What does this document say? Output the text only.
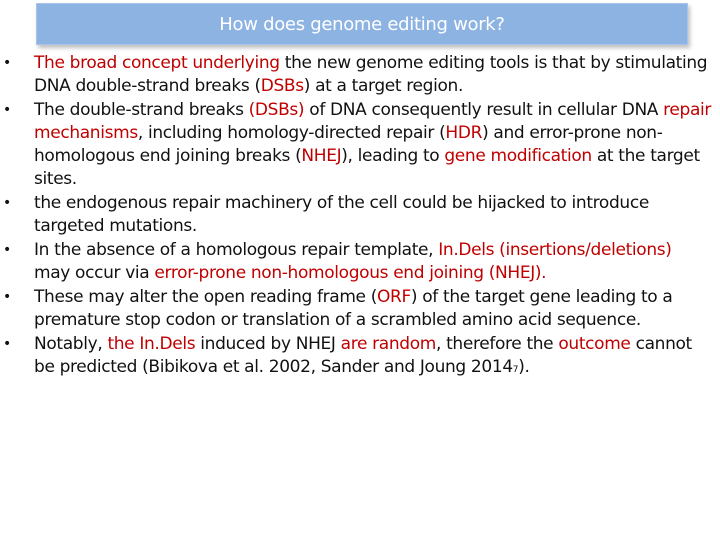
How does genome editing work?
•	The broad concept underlying the new genome editing tools is that by stimulating DNA double-strand breaks (DSBs) at a target region.
•	The double-strand breaks (DSBs) of DNA consequently result in cellular DNA repair mechanisms, including homology-directed repair (HDR) and error-prone non-homologous end joining breaks (NHEJ), leading to gene modification at the target sites.
•	the endogenous repair machinery of the cell could be hijacked to introduce targeted mutations.
•	In the absence of a homologous repair template, In.Dels (insertions/deletions) may occur via error-prone non-homologous end joining (NHEJ).
•	These may alter the open reading frame (ORF) of the target gene leading to a premature stop codon or translation of a scrambled amino acid sequence.
•	Notably, the In.Dels induced by NHEJ are random, therefore the outcome cannot be predicted (Bibikova et al. 2002, Sander and Joung 20147).
